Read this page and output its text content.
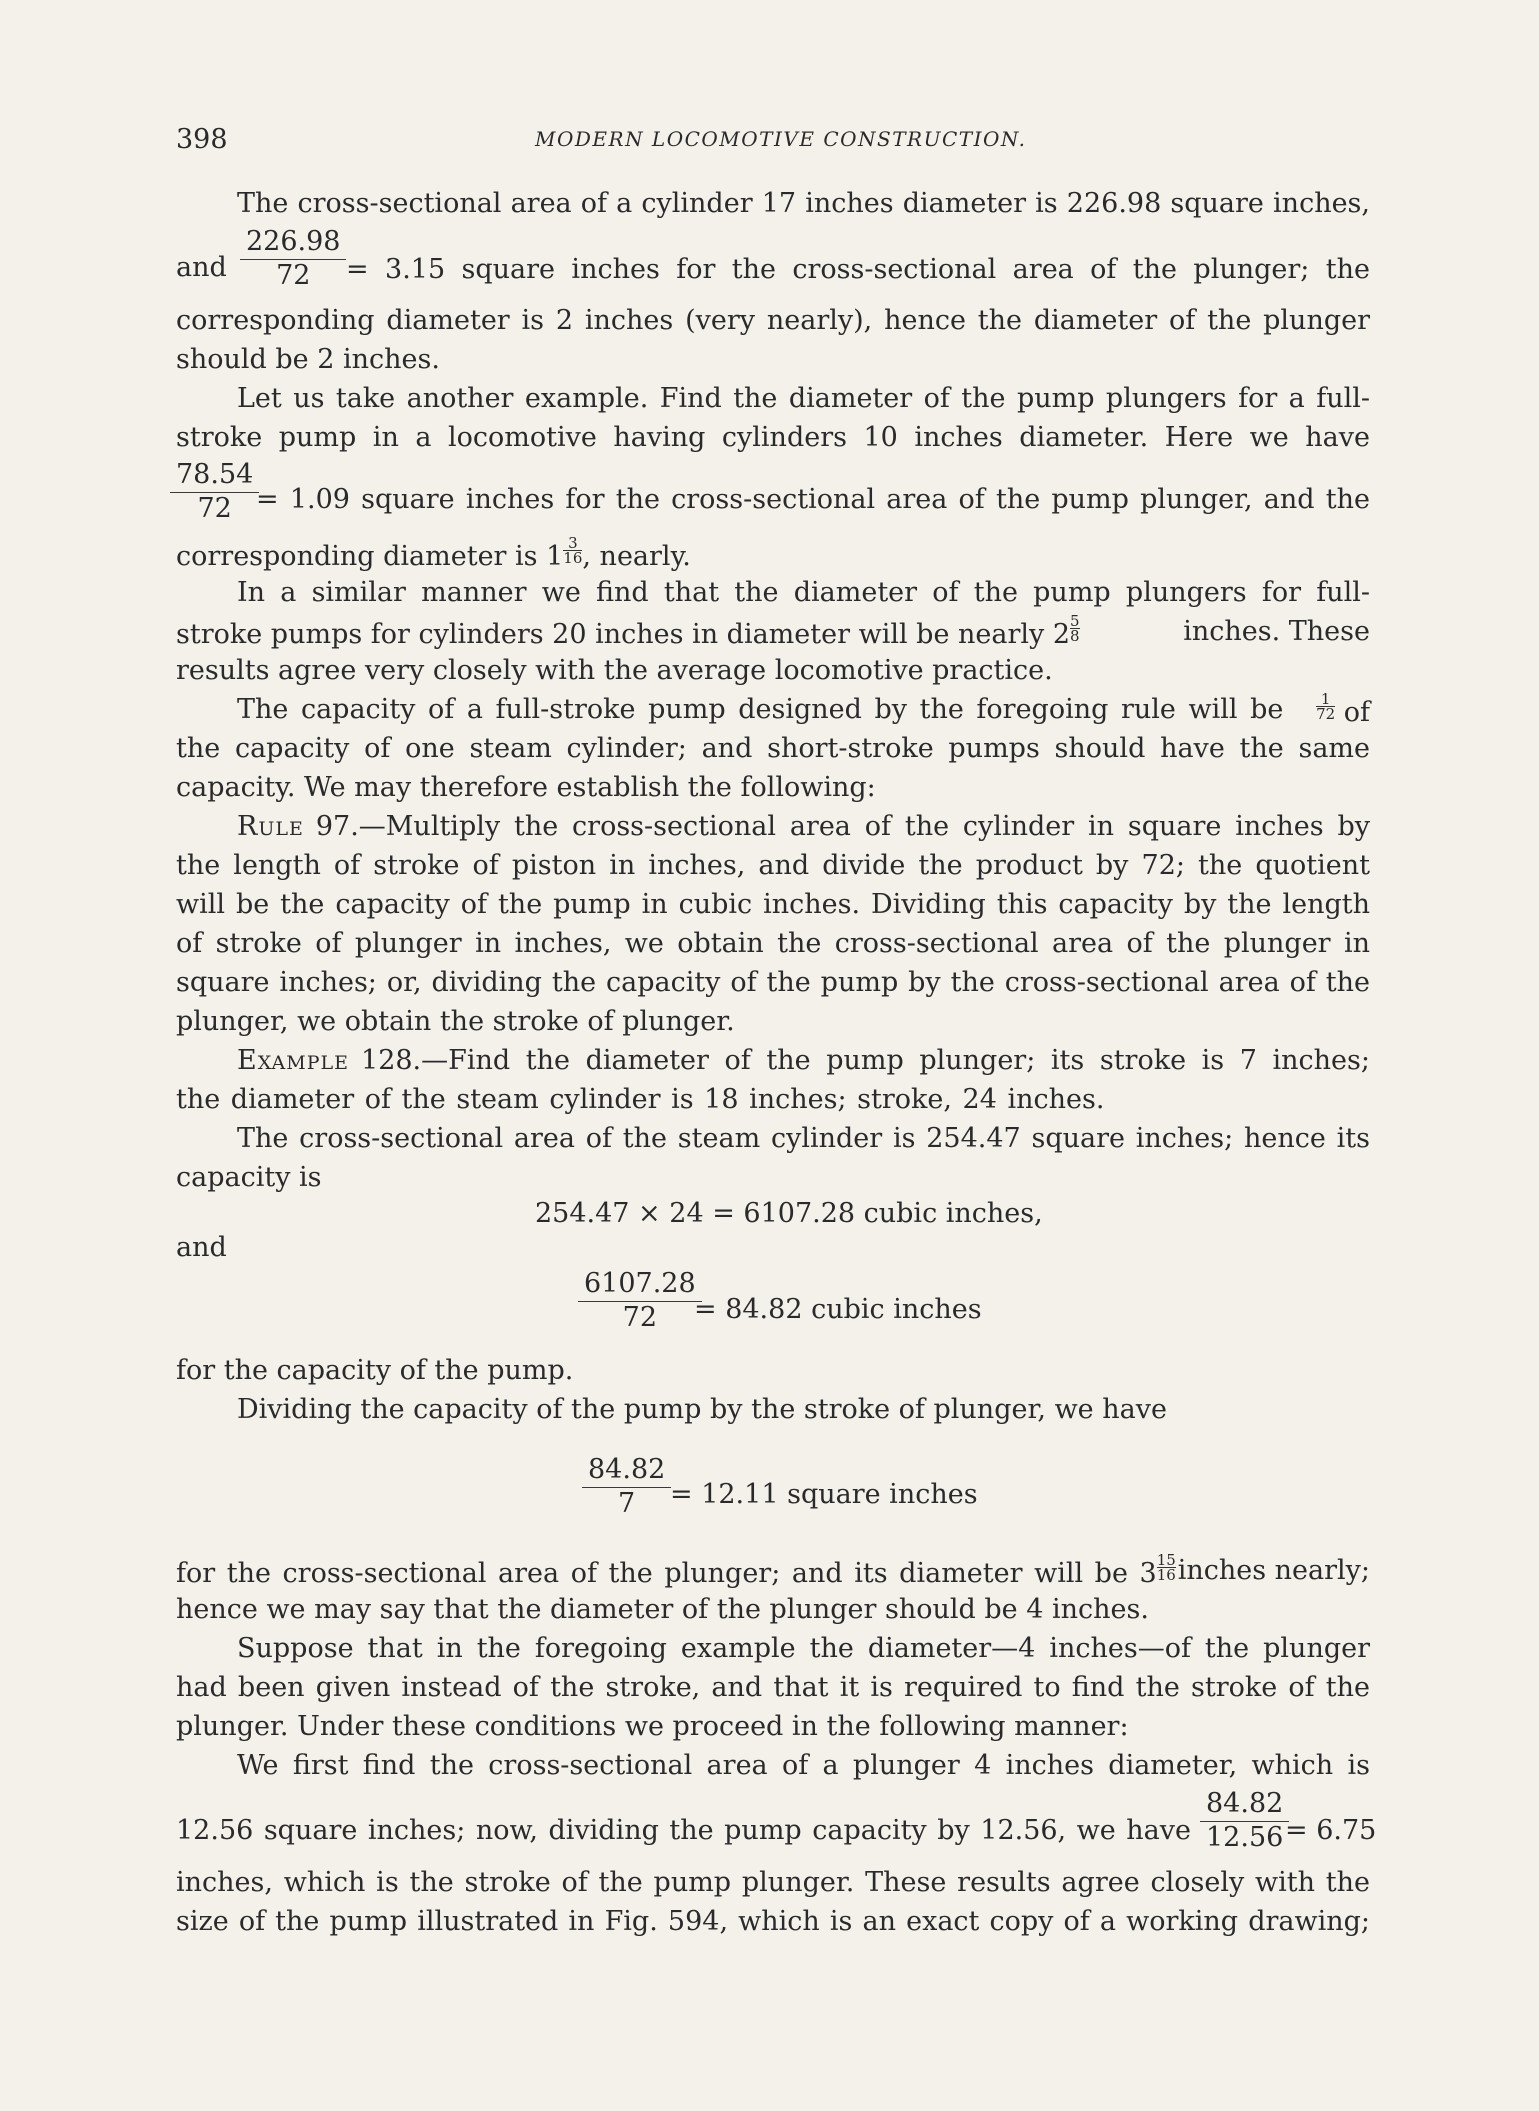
398	MODERN LOCOMOTIVE CONSTRUCTION.
The cross-sectional area of a cylinder 17 inches diameter is 226.98 square inches,
and
226.98
72	= 3.15 square inches for the cross-sectional area of the plunger; the
corresponding diameter is 2 inches (very nearly), hence the diameter of the plunger
should be 2 inches.
Let us take another example. Find the diameter of the pump plungers for a full-
stroke pump in a locomotive having cylinders 10 inches diameter. Here we have
78.54
72 = 1.09 square inches for the cross-sectional area of the pump plunger, and the
corresponding diameter is $1 \frac{3}{16}$ , nearly.
In a similar manner we find that the diameter of the pump plungers for full-
stroke pumps for cylinders 20 inches in diameter will be nearly $2 \frac{5}{8}$	inches. These
results agree very closely with the average locomotive practice.
The capacity of a full-stroke pump designed by the foregoing rule will be $\frac{1}{72}$ of
the capacity of one steam cylinder; and short-stroke pumps should have the same
capacity. We may therefore establish the following:
Rule 97.—Multiply the cross-sectional area of the cylinder in square inches by
the length of stroke of piston in inches, and divide the product by 72; the quotient
will be the capacity of the pump in cubic inches. Dividing this capacity by the length
of stroke of plunger in inches, we obtain the cross-sectional area of the plunger in
square inches; or, dividing the capacity of the pump by the cross-sectional area of the
plunger, we obtain the stroke of plunger.
Example 128.—Find the diameter of the pump plunger; its stroke is 7 inches;
the diameter of the steam cylinder is 18 inches; stroke, 24 inches.
The cross-sectional area of the steam cylinder is 254.47 square inches; hence its
capacity is
254.47 × 24 = 6107.28 cubic inches,
and
6107.28
72	= 84.82 cubic inches
for the capacity of the pump.
Dividing the capacity of the pump by the stroke of plunger, we have
84.82
7	= 12.11 square inches
for the cross-sectional area of the plunger; and its diameter will be $3 \frac{15}{16}$ inches nearly;
hence we may say that the diameter of the plunger should be 4 inches.
Suppose that in the foregoing example the diameter—4 inches—of the plunger
had been given instead of the stroke, and that it is required to find the stroke of the
plunger. Under these conditions we proceed in the following manner:
We first find the cross-sectional area of a plunger 4 inches diameter, which is
12.56 square inches; now, dividing the pump capacity by 12.56, we have
84.82
12.56 = 6.75
inches, which is the stroke of the pump plunger. These results agree closely with the
size of the pump illustrated in Fig. 594, which is an exact copy of a working drawing;
